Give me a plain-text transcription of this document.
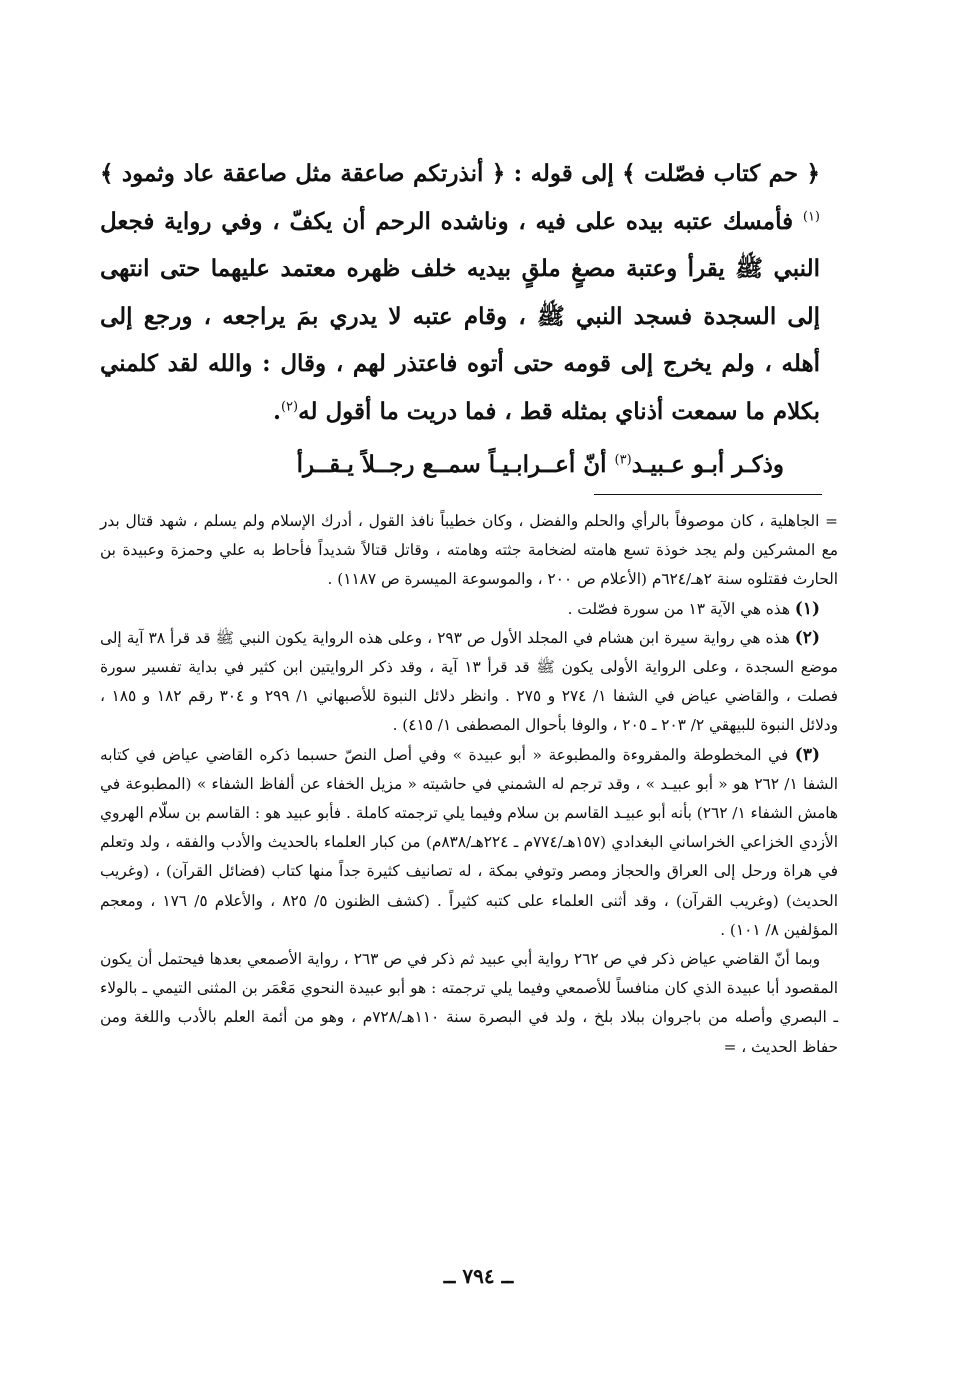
﴿ حم كتاب فصّلت ﴾ إلى قوله : ﴿ أنذرتكم صاعقة مثل صاعقة عاد وثمود ﴾$^{(١)}$ فأمسك عتبه بيده على فيه ، وناشده الرحم أن يكفّ ، وفي رواية فجعل النبي ﷺ يقرأ وعتبة مصغٍ ملقٍ بيديه خلف ظهره معتمد عليهما حتى انتهى إلى السجدة فسجد النبي ﷺ ، وقام عتبه لا يدري بمَ يراجعه ، ورجع إلى أهله ، ولم يخرج إلى قومه حتى أتوه فاعتذر لهم ، وقال : والله لقد كلمني بكلام ما سمعت أذناي بمثله قط ، فما دريت ما أقول له$^{(٢)}$.

وذكـر أبـو عـبيـد$^{(٣)}$ أنّ أعــرابـيـاً سمــع رجــلاً يـقــرأ

= الجاهلية ، كان موصوفاً بالرأي والحلم والفضل ، وكان خطيباً نافذ القول ، أدرك الإسلام ولم يسلم ، شهد قتال بدر مع المشركين ولم يجد خوذة تسع هامته لضخامة جثته وهامته ، وقاتل قتالاً شديداً فأحاط به علي وحمزة وعبيدة بن الحارث فقتلوه سنة ٢هـ/٦٢٤م (الأعلام ص ٢٠٠ ، والموسوعة الميسرة ص ١١٨٧) .

(١) هذه هي الآية ١٣ من سورة فصّلت .

(٢) هذه هي رواية سيرة ابن هشام في المجلد الأول ص ٢٩٣ ، وعلى هذه الرواية يكون النبي ﷺ قد قرأ ٣٨ آية إلى موضع السجدة ، وعلى الرواية الأولى يكون ﷺ قد قرأ ١٣ آية ، وقد ذكر الروايتين ابن كثير في بداية تفسير سورة فصلت ، والقاضي عياض في الشفا ١/ ٢٧٤ و ٢٧٥ . وانظر دلائل النبوة للأصبهاني ١/ ٢٩٩ و ٣٠٤ رقم ١٨٢ و ١٨٥ ، ودلائل النبوة للبيهقي ٢/ ٢٠٣ ـ ٢٠٥ ، والوفا بأحوال المصطفى ١/ ٤١٥) .

(٣) في المخطوطة والمقروءة والمطبوعة « أبو عبيدة » وفي أصل النصّ حسبما ذكره القاضي عياض في كتابه الشفا ١/ ٢٦٢ هو « أبو عبيـد » ، وقد ترجم له الشمني في حاشيته « مزيل الخفاء عن ألفاظ الشفاء » (المطبوعة في هامش الشفاء ١/ ٢٦٢) بأنه أبو عبيـد القاسم بن سلام وفيما يلي ترجمته كاملة . فأبو عبيد هو : القاسم بن سلّام الهروي الأزدي الخزاعي الخراساني البغدادي (١٥٧هـ/٧٧٤م ـ ٢٢٤هـ/٨٣٨م) من كبار العلماء بالحديث والأدب والفقه ، ولد وتعلم في هراة ورحل إلى العراق والحجاز ومصر وتوفي بمكة ، له تصانيف كثيرة جداً منها كتاب (فضائل القرآن) ، (وغريب الحديث) (وغريب القرآن) ، وقد أثنى العلماء على كتبه كثيراً . (كشف الظنون ٥/ ٨٢٥ ، والأعلام ٥/ ١٧٦ ، ومعجم المؤلفين ٨/ ١٠١) .

وبما أنّ القاضي عياض ذكر في ص ٢٦٢ رواية أبي عبيد ثم ذكر في ص ٢٦٣ ، رواية الأصمعي بعدها فيحتمل أن يكون المقصود أبا عبيدة الذي كان منافساً للأصمعي وفيما يلي ترجمته : هو أبو عبيدة النحوي مَعْمَر بن المثنى التيمي ـ بالولاء ـ البصري وأصله من باجروان ببلاد بلخ ، ولد في البصرة سنة ١١٠هـ/٧٢٨م ، وهو من أئمة العلم بالأدب واللغة ومن حفاظ الحديث ، =

ــ ٧٩٤ ــ
